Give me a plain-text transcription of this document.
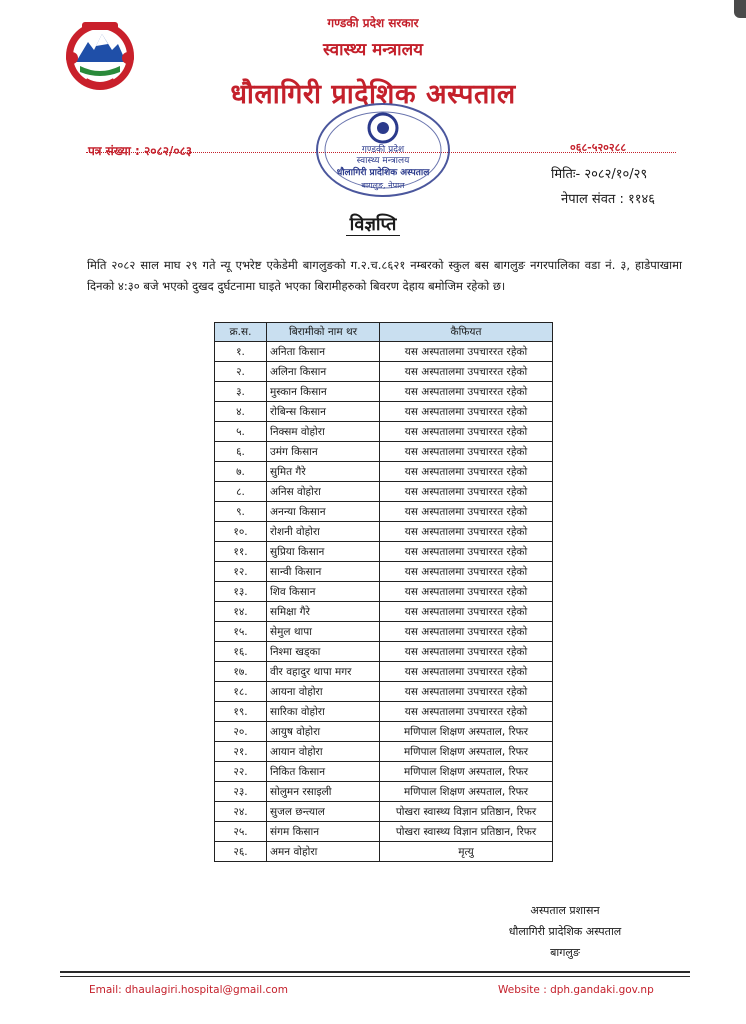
गण्डकी प्रदेश सरकार
स्वास्थ्य मन्त्रालय
धौलागिरी प्रादेशिक अस्पताल
पत्र संख्या : २०८२/०८३	०६८-५२०२८८
मितिः- २०८२/१०/२९
नेपाल संवत : ११४६
गण्डकी प्रदेश
स्वास्थ्य मन्त्रालय
धौलागिरी प्रादेशिक अस्पताल
बागलुङ, नेपाल
विज्ञप्ति
मिति २०८२ साल माघ २९ गते न्यू एभरेष्ट एकेडेमी बागलुङको ग.२.च.८६२१ नम्बरको स्कुल बस बागलुङ नगरपालिका वडा नं. ३, हाडेपाखामा दिनको ४:३० बजे भएको दुखद दुर्घटनामा घाइते भएका बिरामीहरुको बिवरण देहाय बमोजिम रहेको छ।
क्र.स.	बिरामीको नाम थर	कैफियत
१.	अनिता किसान	यस अस्पतालमा उपचाररत रहेको
२.	अलिना किसान	यस अस्पतालमा उपचाररत रहेको
३.	मुस्कान किसान	यस अस्पतालमा उपचाररत रहेको
४.	रोबिन्स किसान	यस अस्पतालमा उपचाररत रहेको
५.	निक्सम वोहोरा	यस अस्पतालमा उपचाररत रहेको
६.	उमंग किसान	यस अस्पतालमा उपचाररत रहेको
७.	सुमित गैरे	यस अस्पतालमा उपचाररत रहेको
८.	अनिस वोहोरा	यस अस्पतालमा उपचाररत रहेको
९.	अनन्या किसान	यस अस्पतालमा उपचाररत रहेको
१०.	रोशनी वोहोरा	यस अस्पतालमा उपचाररत रहेको
११.	सुप्रिया किसान	यस अस्पतालमा उपचाररत रहेको
१२.	सान्वी किसान	यस अस्पतालमा उपचाररत रहेको
१३.	शिव किसान	यस अस्पतालमा उपचाररत रहेको
१४.	समिक्षा गैरे	यस अस्पतालमा उपचाररत रहेको
१५.	सेमुल थापा	यस अस्पतालमा उपचाररत रहेको
१६.	निश्मा खड्का	यस अस्पतालमा उपचाररत रहेको
१७.	वीर वहादुर थापा मगर	यस अस्पतालमा उपचाररत रहेको
१८.	आयना वोहोरा	यस अस्पतालमा उपचाररत रहेको
१९.	सारिका वोहोरा	यस अस्पतालमा उपचाररत रहेको
२०.	आयुष वोहोरा	मणिपाल शिक्षण अस्पताल, रिफर
२१.	आयान वोहोरा	मणिपाल शिक्षण अस्पताल, रिफर
२२.	निकित किसान	मणिपाल शिक्षण अस्पताल, रिफर
२३.	सोलुमन रसाइली	मणिपाल शिक्षण अस्पताल, रिफर
२४.	सुजल छन्त्याल	पोखरा स्वास्थ्य विज्ञान प्रतिष्ठान, रिफर
२५.	संगम किसान	पोखरा स्वास्थ्य विज्ञान प्रतिष्ठान, रिफर
२६.	अमन वोहोरा	मृत्यु
अस्पताल प्रशासन
धौलागिरी प्रादेशिक अस्पताल
बागलुङ
Email: dhaulagiri.hospital@gmail.com	Website : dph.gandaki.gov.np
